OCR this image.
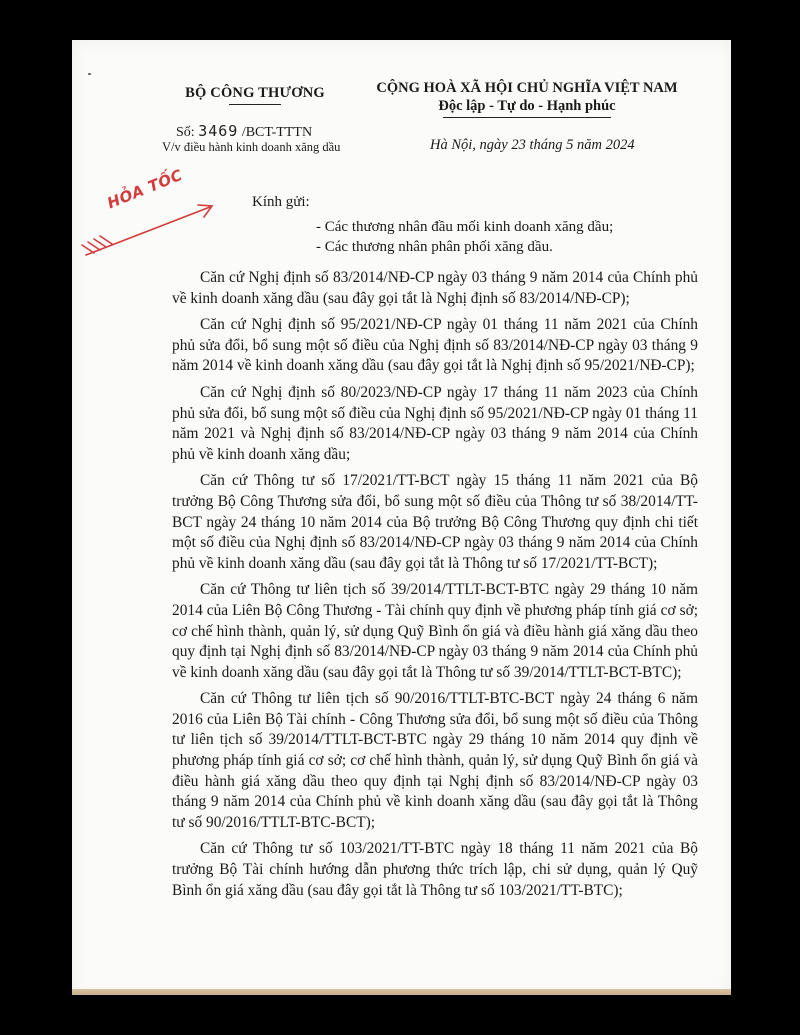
BỘ CÔNG THƯƠNG
Số: 3469 /BCT-TTTN
V/v điều hành kinh doanh xăng dầu
CỘNG HOÀ XÃ HỘI CHỦ NGHĨA VIỆT NAM
Độc lập - Tự do - Hạnh phúc
Hà Nội, ngày 23 tháng 5 năm 2024
HỎA TỐC	Kính gửi:
- Các thương nhân đầu mối kinh doanh xăng dầu;
- Các thương nhân phân phối xăng dầu.

Căn cứ Nghị định số 83/2014/NĐ-CP ngày 03 tháng 9 năm 2014 của Chính phủ về kinh doanh xăng dầu (sau đây gọi tắt là Nghị định số 83/2014/NĐ-CP);

Căn cứ Nghị định số 95/2021/NĐ-CP ngày 01 tháng 11 năm 2021 của Chính phủ sửa đổi, bổ sung một số điều của Nghị định số 83/2014/NĐ-CP ngày 03 tháng 9 năm 2014 về kinh doanh xăng dầu (sau đây gọi tắt là Nghị định số 95/2021/NĐ-CP);

Căn cứ Nghị định số 80/2023/NĐ-CP ngày 17 tháng 11 năm 2023 của Chính phủ sửa đổi, bổ sung một số điều của Nghị định số 95/2021/NĐ-CP ngày 01 tháng 11 năm 2021 và Nghị định số 83/2014/NĐ-CP ngày 03 tháng 9 năm 2014 của Chính phủ về kinh doanh xăng dầu;

Căn cứ Thông tư số 17/2021/TT-BCT ngày 15 tháng 11 năm 2021 của Bộ trưởng Bộ Công Thương sửa đổi, bổ sung một số điều của Thông tư số 38/2014/TT-BCT ngày 24 tháng 10 năm 2014 của Bộ trưởng Bộ Công Thương quy định chi tiết một số điều của Nghị định số 83/2014/NĐ-CP ngày 03 tháng 9 năm 2014 của Chính phủ về kinh doanh xăng dầu (sau đây gọi tắt là Thông tư số 17/2021/TT-BCT);

Căn cứ Thông tư liên tịch số 39/2014/TTLT-BCT-BTC ngày 29 tháng 10 năm 2014 của Liên Bộ Công Thương - Tài chính quy định về phương pháp tính giá cơ sở; cơ chế hình thành, quản lý, sử dụng Quỹ Bình ổn giá và điều hành giá xăng dầu theo quy định tại Nghị định số 83/2014/NĐ-CP ngày 03 tháng 9 năm 2014 của Chính phủ về kinh doanh xăng dầu (sau đây gọi tắt là Thông tư số 39/2014/TTLT-BCT-BTC);

Căn cứ Thông tư liên tịch số 90/2016/TTLT-BTC-BCT ngày 24 tháng 6 năm 2016 của Liên Bộ Tài chính - Công Thương sửa đổi, bổ sung một số điều của Thông tư liên tịch số 39/2014/TTLT-BCT-BTC ngày 29 tháng 10 năm 2014 quy định về phương pháp tính giá cơ sở; cơ chế hình thành, quản lý, sử dụng Quỹ Bình ổn giá và điều hành giá xăng dầu theo quy định tại Nghị định số 83/2014/NĐ-CP ngày 03 tháng 9 năm 2014 của Chính phủ về kinh doanh xăng dầu (sau đây gọi tắt là Thông tư số 90/2016/TTLT-BTC-BCT);

Căn cứ Thông tư số 103/2021/TT-BTC ngày 18 tháng 11 năm 2021 của Bộ trưởng Bộ Tài chính hướng dẫn phương thức trích lập, chi sử dụng, quản lý Quỹ Bình ổn giá xăng dầu (sau đây gọi tắt là Thông tư số 103/2021/TT-BTC);
